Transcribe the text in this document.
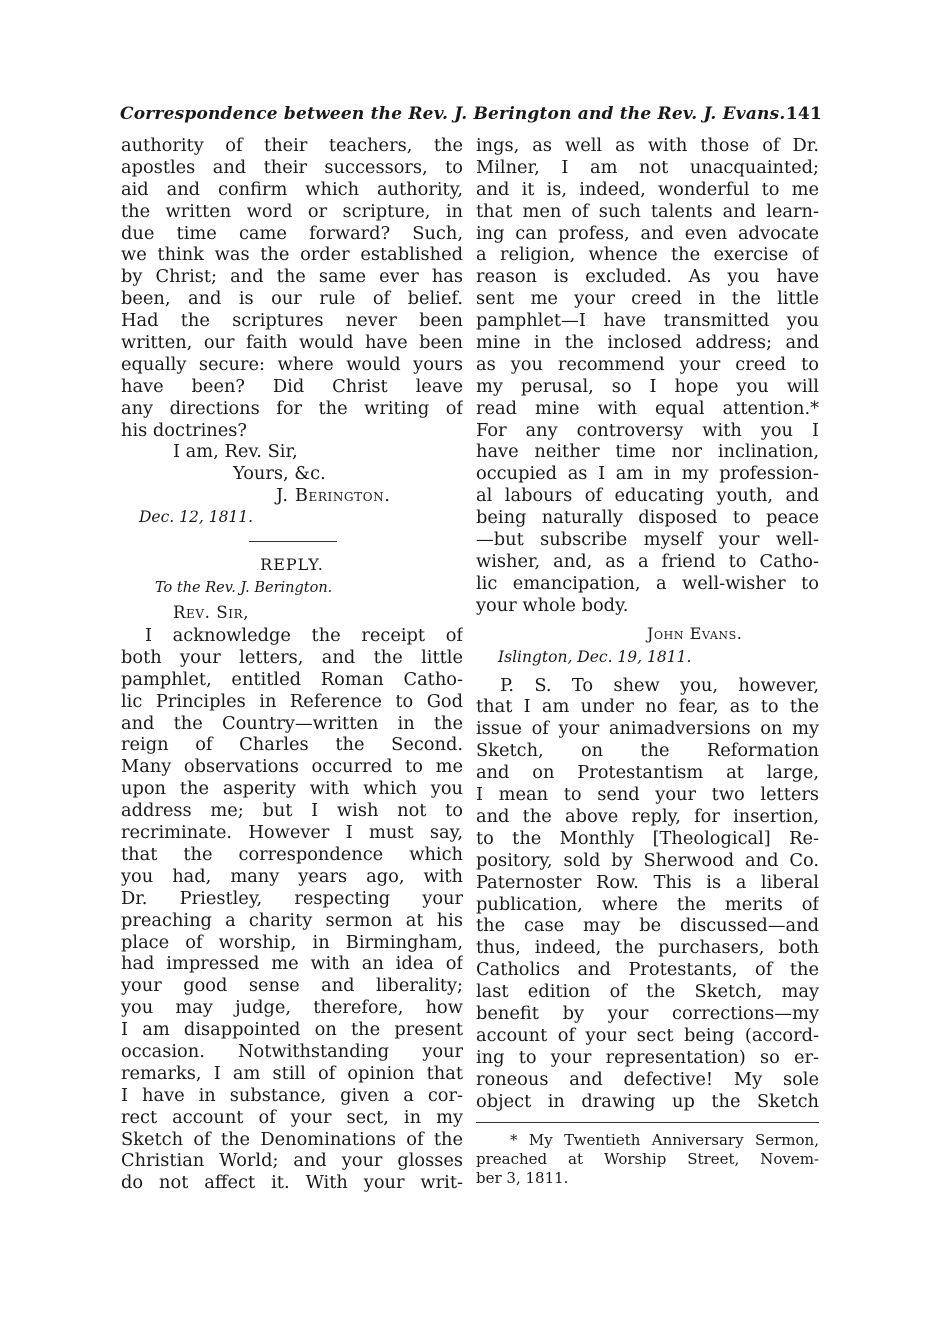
Correspondence between the Rev. J. Berington and the Rev. J. Evans. 141
authority of their teachers, the
apostles and their successors, to
aid and confirm which authority,
the written word or scripture, in
due time came forward? Such,
we think was the order established
by Christ; and the same ever has
been, and is our rule of belief.
Had the scriptures never been
written, our faith would have been
equally secure: where would yours
have been? Did Christ leave
any directions for the writing of
his doctrines?
I am, Rev. Sir,
Yours, &c.
J. Berington.
Dec. 12, 1811.
REPLY.
To the Rev. J. Berington.
Rev. Sir,
I acknowledge the receipt of
both your letters, and the little
pamphlet, entitled Roman Catho-
lic Principles in Reference to God
and the Country—written in the
reign of Charles the Second.
Many observations occurred to me
upon the asperity with which you
address me; but I wish not to
recriminate. However I must say,
that the correspondence which
you had, many years ago, with
Dr. Priestley, respecting your
preaching a charity sermon at his
place of worship, in Birmingham,
had impressed me with an idea of
your good sense and liberality;
you may judge, therefore, how
I am disappointed on the present
occasion. Notwithstanding your
remarks, I am still of opinion that
I have in substance, given a cor-
rect account of your sect, in my
Sketch of the Denominations of the
Christian World; and your glosses
do not affect it. With your writ-
ings, as well as with those of Dr.
Milner, I am not unacquainted;
and it is, indeed, wonderful to me
that men of such talents and learn-
ing can profess, and even advocate
a religion, whence the exercise of
reason is excluded. As you have
sent me your creed in the little
pamphlet—I have transmitted you
mine in the inclosed address; and
as you recommend your creed to
my perusal, so I hope you will
read mine with equal attention.*
For any controversy with you I
have neither time nor inclination,
occupied as I am in my profession-
al labours of educating youth, and
being naturally disposed to peace
—but subscribe myself your well-
wisher, and, as a friend to Catho-
lic emancipation, a well-wisher to
your whole body.
John Evans.
Islington, Dec. 19, 1811.
P. S. To shew you, however,
that I am under no fear, as to the
issue of your animadversions on my
Sketch, on the Reformation
and on Protestantism at large,
I mean to send your two letters
and the above reply, for insertion,
to the Monthly [Theological] Re-
pository, sold by Sherwood and Co.
Paternoster Row. This is a liberal
publication, where the merits of
the case may be discussed—and
thus, indeed, the purchasers, both
Catholics and Protestants, of the
last edition of the Sketch, may
benefit by your corrections—my
account of your sect being (accord-
ing to your representation) so er-
roneous and defective! My sole
object in drawing up the Sketch
* My Twentieth Anniversary Sermon,
preached at Worship Street, Novem-
ber 3, 1811.
